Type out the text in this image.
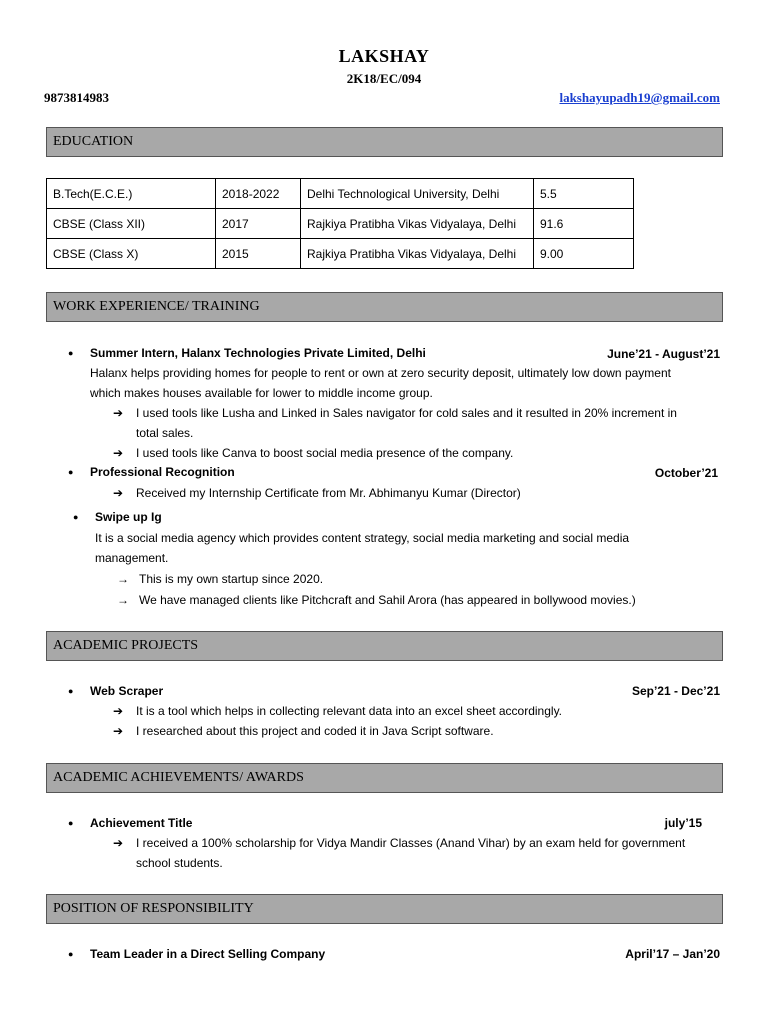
LAKSHAY
2K18/EC/094
9873814983	lakshayupadh19@gmail.com
EDUCATION
B.Tech(E.C.E.)	2018-2022	Delhi Technological University, Delhi	5.5
CBSE (Class XII)	2017	Rajkiya Pratibha Vikas Vidyalaya, Delhi	91.6
CBSE (Class X)	2015	Rajkiya Pratibha Vikas Vidyalaya, Delhi	9.00
WORK EXPERIENCE/ TRAINING
● Summer Intern, Halanx Technologies Private Limited, Delhi	June’21 - August’21
Halanx helps providing homes for people to rent or own at zero security deposit, ultimately low down payment
which makes houses available for lower to middle income group.
➔ I used tools like Lusha and Linked in Sales navigator for cold sales and it resulted in 20% increment in
total sales.
➔ I used tools like Canva to boost social media presence of the company.
● Professional Recognition	October’21
➔ Received my Internship Certificate from Mr. Abhimanyu Kumar (Director)
● Swipe up Ig
It is a social media agency which provides content strategy, social media marketing and social media
management.
→ This is my own startup since 2020.
→ We have managed clients like Pitchcraft and Sahil Arora (has appeared in bollywood movies.)
ACADEMIC PROJECTS
● Web Scraper	Sep’21 - Dec’21
➔ It is a tool which helps in collecting relevant data into an excel sheet accordingly.
➔ I researched about this project and coded it in Java Script software.
ACADEMIC ACHIEVEMENTS/ AWARDS
● Achievement Title	july’15
➔ I received a 100% scholarship for Vidya Mandir Classes (Anand Vihar) by an exam held for government
school students.
POSITION OF RESPONSIBILITY
● Team Leader in a Direct Selling Company	April’17 – Jan’20
